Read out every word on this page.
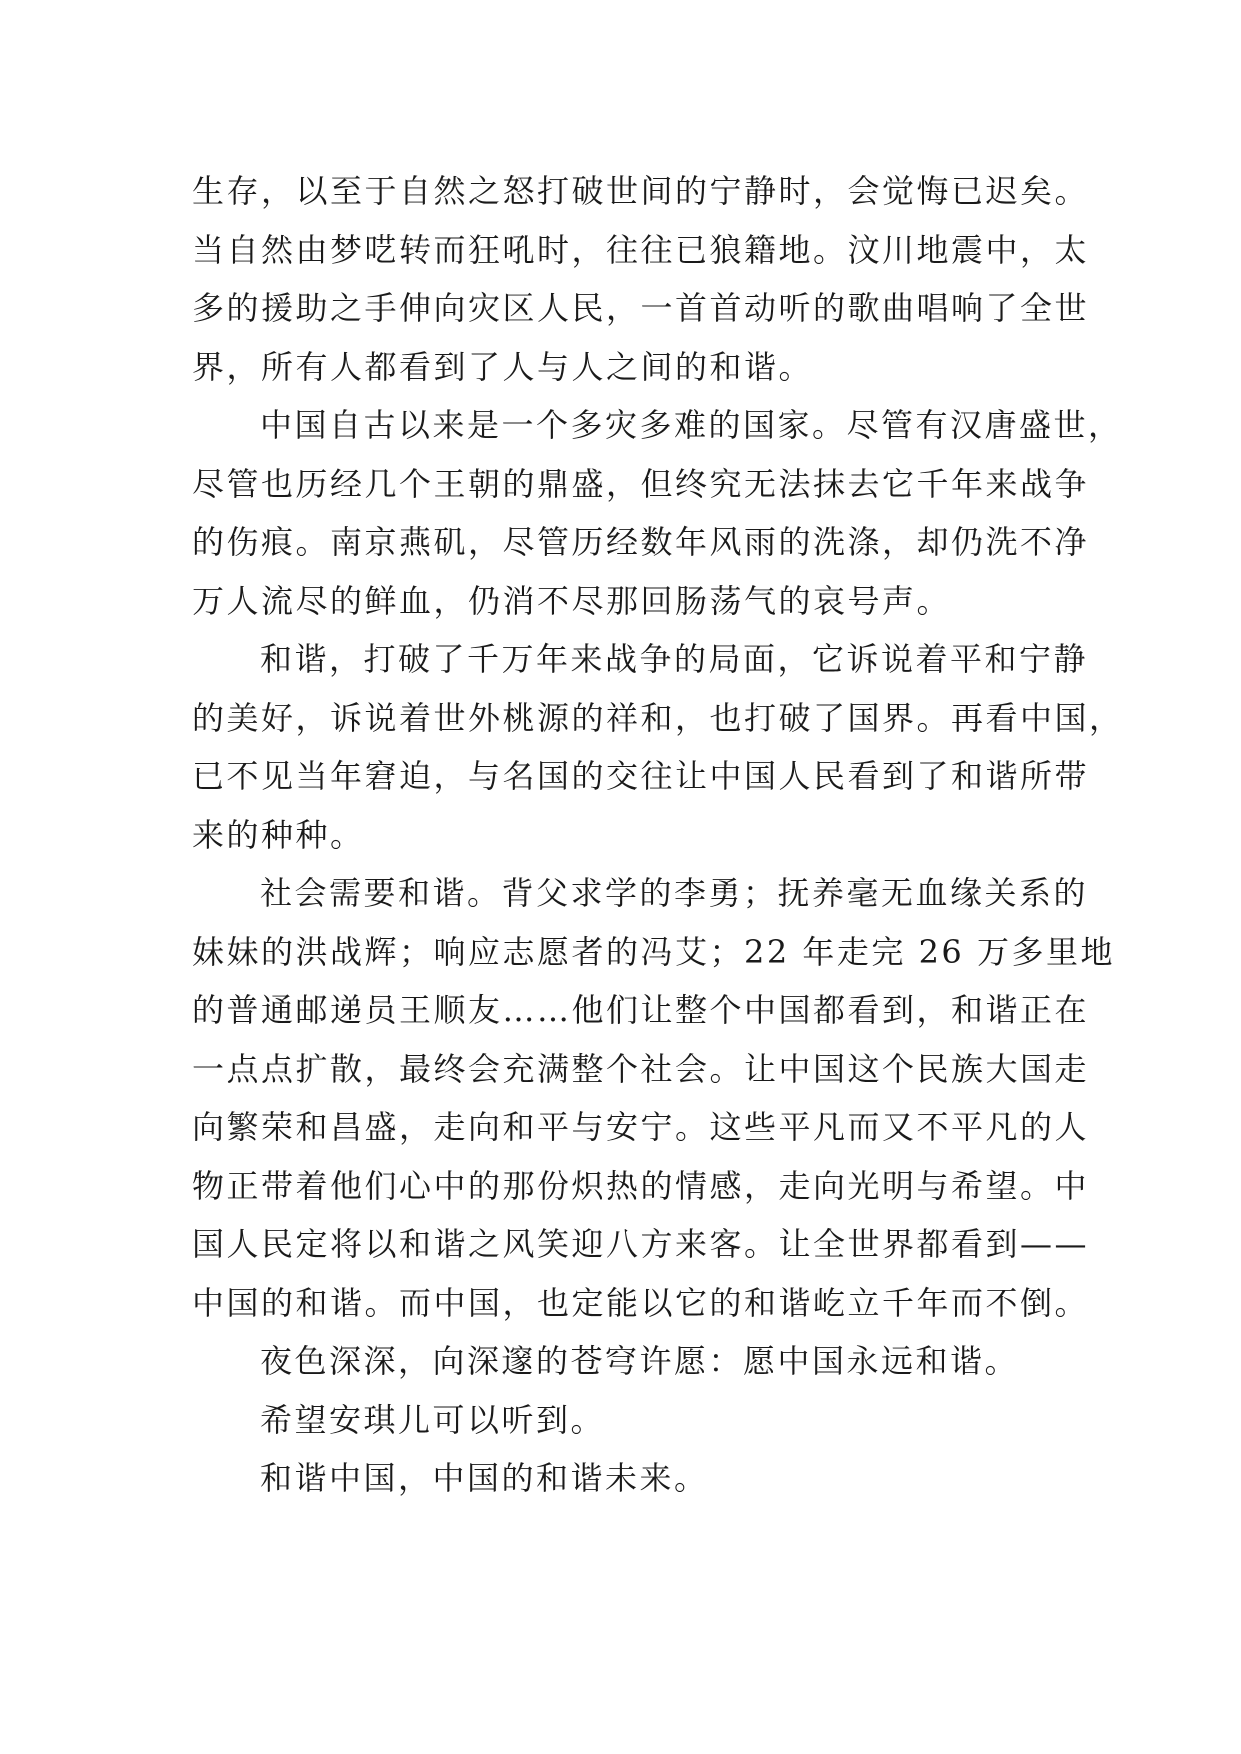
生存，以至于自然之怒打破世间的宁静时，会觉悔已迟矣。
当自然由梦呓转而狂吼时，往往已狼籍地。汶川地震中，太
多的援助之手伸向灾区人民，一首首动听的歌曲唱响了全世
界，所有人都看到了人与人之间的和谐。
中国自古以来是一个多灾多难的国家。尽管有汉唐盛世，
尽管也历经几个王朝的鼎盛，但终究无法抹去它千年来战争
的伤痕。南京燕矶，尽管历经数年风雨的洗涤，却仍洗不净
万人流尽的鲜血，仍消不尽那回肠荡气的哀号声。
和谐，打破了千万年来战争的局面，它诉说着平和宁静
的美好，诉说着世外桃源的祥和，也打破了国界。再看中国，
已不见当年窘迫，与名国的交往让中国人民看到了和谐所带
来的种种。
社会需要和谐。背父求学的李勇；抚养毫无血缘关系的
妹妹的洪战辉；响应志愿者的冯艾；22 年走完 26 万多里地
的普通邮递员王顺友……他们让整个中国都看到，和谐正在
一点点扩散，最终会充满整个社会。让中国这个民族大国走
向繁荣和昌盛，走向和平与安宁。这些平凡而又不平凡的人
物正带着他们心中的那份炽热的情感，走向光明与希望。中
国人民定将以和谐之风笑迎八方来客。让全世界都看到——
中国的和谐。而中国，也定能以它的和谐屹立千年而不倒。
夜色深深，向深邃的苍穹许愿：愿中国永远和谐。
希望安琪儿可以听到。
和谐中国，中国的和谐未来。
